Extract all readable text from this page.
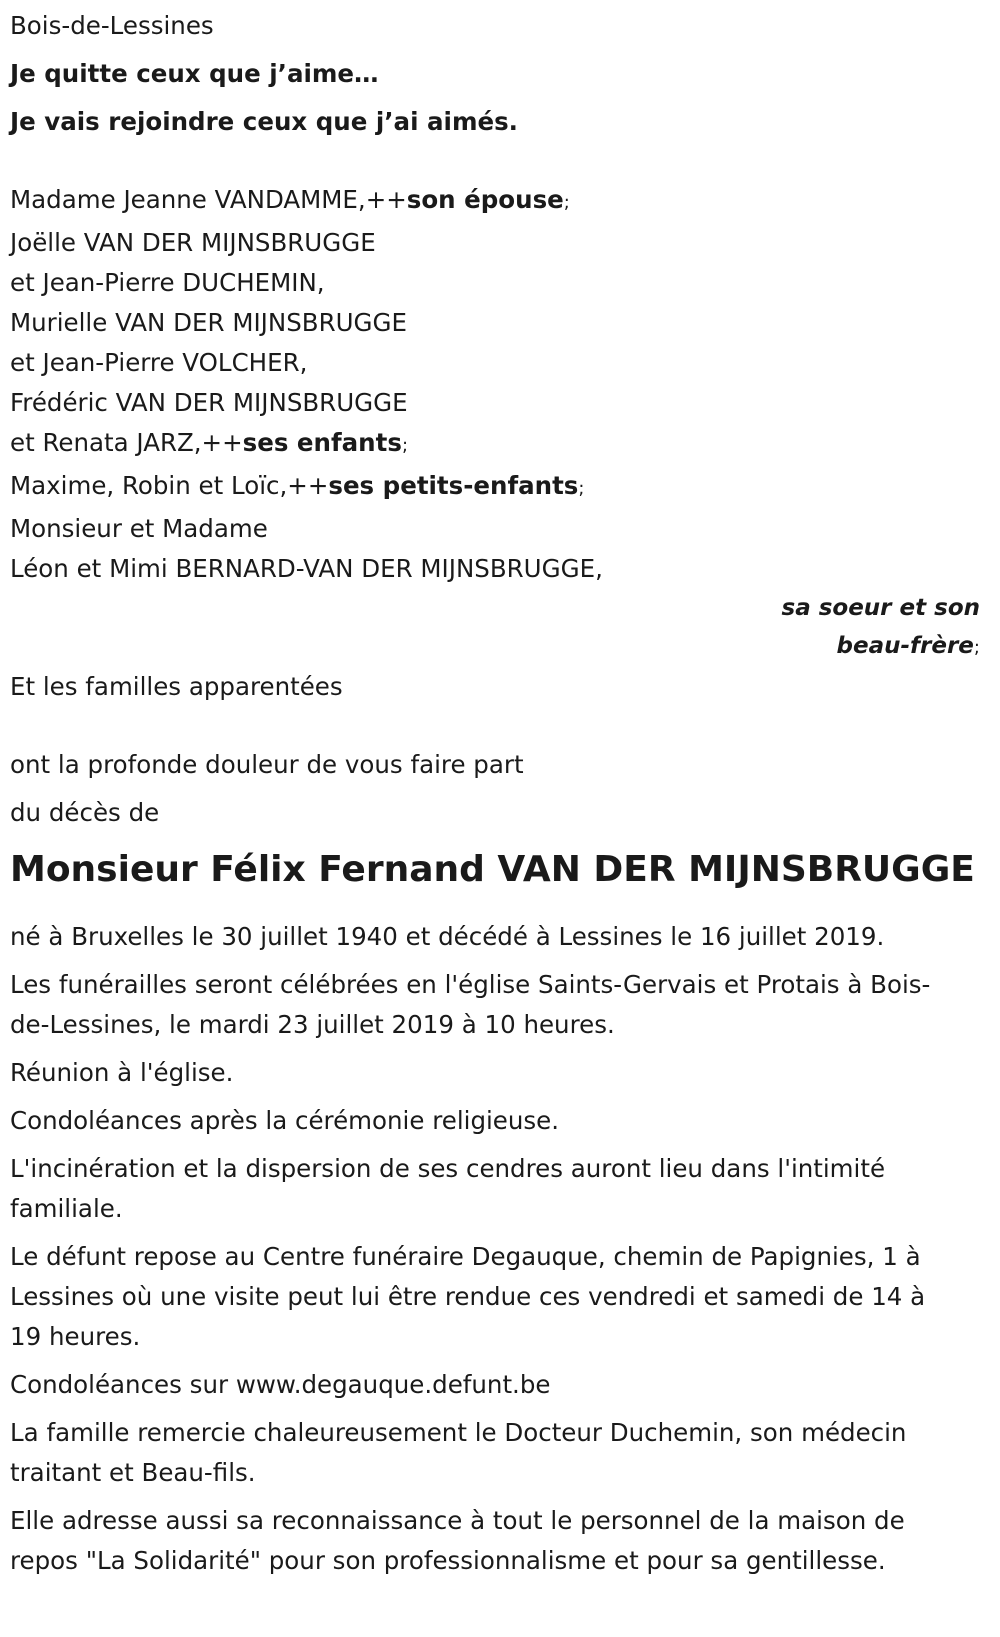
Bois-de-Lessines
Je quitte ceux que j’aime…
Je vais rejoindre ceux que j’ai aimés.
Madame Jeanne VANDAMME,++son épouse;
Joëlle VAN DER MIJNSBRUGGE
et Jean-Pierre DUCHEMIN,
Murielle VAN DER MIJNSBRUGGE
et Jean-Pierre VOLCHER,
Frédéric VAN DER MIJNSBRUGGE
et Renata JARZ,++ses enfants;
Maxime, Robin et Loïc,++ses petits-enfants;
Monsieur et Madame
Léon et Mimi BERNARD-VAN DER MIJNSBRUGGE,
sa soeur et son
beau-frère;
Et les familles apparentées
ont la profonde douleur de vous faire part
du décès de
Monsieur Félix Fernand VAN DER MIJNSBRUGGE
né à Bruxelles le 30 juillet 1940 et décédé à Lessines le 16 juillet 2019.
Les funérailles seront célébrées en l'église Saints-Gervais et Protais à Bois-de-Lessines, le mardi 23 juillet 2019 à 10 heures.
Réunion à l'église.
Condoléances après la cérémonie religieuse.
L'incinération et la dispersion de ses cendres auront lieu dans l'intimité familiale.
Le défunt repose au Centre funéraire Degauque, chemin de Papignies, 1 à Lessines où une visite peut lui être rendue ces vendredi et samedi de 14 à 19 heures.
Condoléances sur www.degauque.defunt.be
La famille remercie chaleureusement le Docteur Duchemin, son médecin traitant et Beau-fils.
Elle adresse aussi sa reconnaissance à tout le personnel de la maison de repos "La Solidarité" pour son professionnalisme et pour sa gentillesse.
